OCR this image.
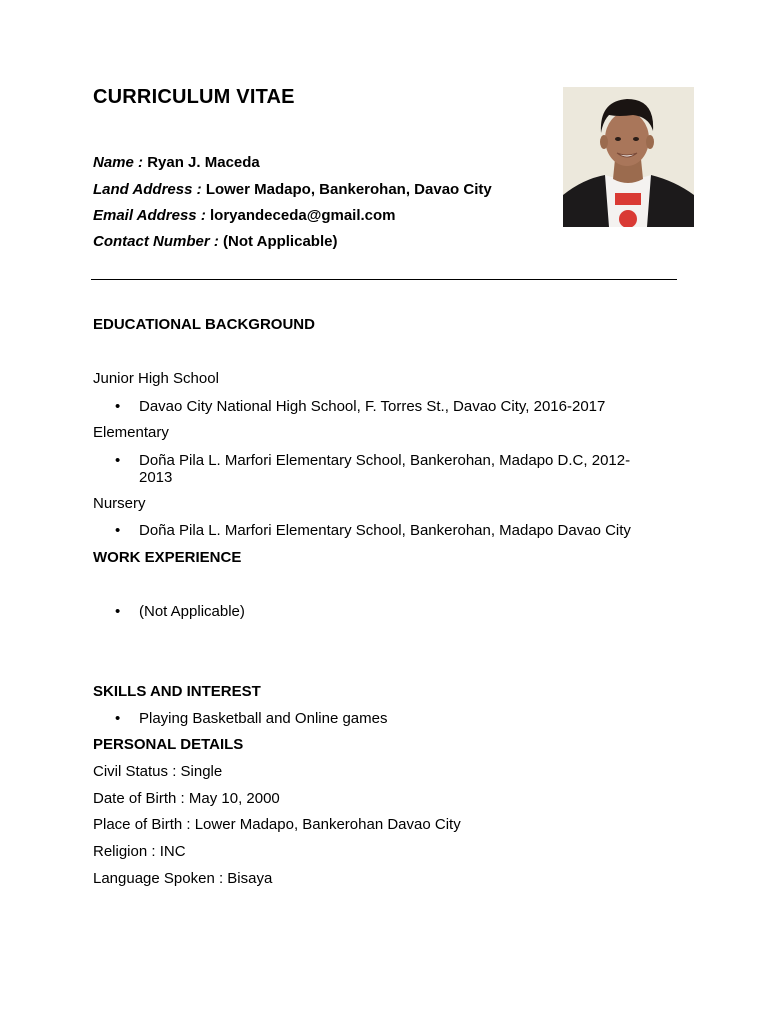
CURRICULUM VITAE
Name : Ryan J. Maceda
Land Address : Lower Madapo, Bankerohan, Davao City
Email Address : loryandeceda@gmail.com
Contact Number : (Not Applicable)
EDUCATIONAL BACKGROUND
Junior High School
• Davao City National High School, F. Torres St., Davao City, 2016-2017
Elementary
• Doña Pila L. Marfori Elementary School, Bankerohan, Madapo D.C, 2012-
2013
Nursery
• Doña Pila L. Marfori Elementary School, Bankerohan, Madapo Davao City
WORK EXPERIENCE
• (Not Applicable)
SKILLS AND INTEREST
• Playing Basketball and Online games
PERSONAL DETAILS
Civil Status : Single
Date of Birth : May 10, 2000
Place of Birth : Lower Madapo, Bankerohan Davao City
Religion : INC
Language Spoken : Bisaya
